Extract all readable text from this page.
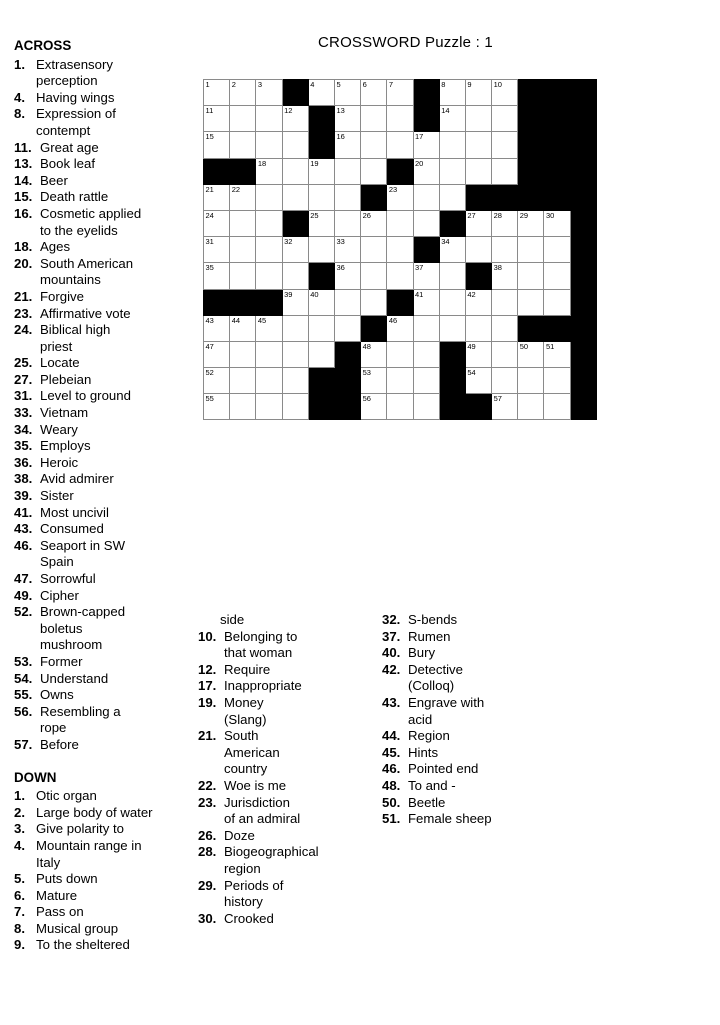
CROSSWORD Puzzle : 1
1	2	3		4	5	6	7		8	9	10			

11			12		13				14					

15					16			17						

		18		19				20						

21	22						23							

24				25		26				27	28	29	30	

31			32		33				34					

35					36			37			38			

			39	40				41		42				

43	44	45					46							

47						48				49		50	51	

52						53				54				

55						56					57			

ACROSS
1. Extrasensory
perception
4. Having wings
8. Expression of
contempt
11. Great age
13. Book leaf
14. Beer
15. Death rattle
16. Cosmetic applied
to the eyelids
18. Ages
20. South American
mountains
21. Forgive
23. Affirmative vote
24. Biblical high
priest
25. Locate
27. Plebeian
31. Level to ground
33. Vietnam
34. Weary
35. Employs
36. Heroic
38. Avid admirer
39. Sister
41. Most uncivil
43. Consumed
46. Seaport in SW
Spain
47. Sorrowful
49. Cipher
52. Brown-capped
boletus
mushroom
53. Former
54. Understand
55. Owns
56. Resembling a
rope
57. Before
DOWN
1. Otic organ
2. Large body of water
3. Give polarity to
4. Mountain range in
Italy
5. Puts down
6. Mature
7. Pass on
8. Musical group
9. To the sheltered
side
10. Belonging to
that woman
12. Require
17. Inappropriate
19. Money
(Slang)
21. South
American
country
22. Woe is me
23. Jurisdiction
of an admiral
26. Doze
28. Biogeographical
region
29. Periods of
history
30. Crooked
32. S-bends
37. Rumen
40. Bury
42. Detective
(Colloq)
43. Engrave with
acid
44. Region
45. Hints
46. Pointed end
48. To and -
50. Beetle
51. Female sheep
